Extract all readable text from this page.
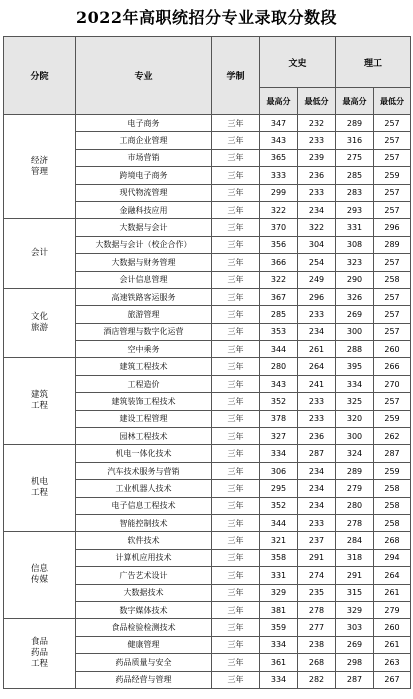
2022年高职统招分专业录取分数段
分院	专业	学制	文史		理工	
			最高分	最低分	最高分	最低分
经济
管理	电子商务	三年	347	232	289	257
	工商企业管理	三年	343	233	316	257
	市场营销	三年	365	239	275	257
	跨境电子商务	三年	333	236	285	259
	现代物流管理	三年	299	233	283	257
	金融科技应用	三年	322	234	293	257
会计	大数据与会计	三年	370	322	331	296
	大数据与会计（校企合作）	三年	356	304	308	289
	大数据与财务管理	三年	366	254	323	257
	会计信息管理	三年	322	249	290	258
文化
旅游	高速铁路客运服务	三年	367	296	326	257
	旅游管理	三年	285	233	269	257
	酒店管理与数字化运营	三年	353	234	300	257
	空中乘务	三年	344	261	288	260
建筑
工程	建筑工程技术	三年	280	264	395	266
	工程造价	三年	343	241	334	270
	建筑装饰工程技术	三年	352	233	325	257
	建设工程管理	三年	378	233	320	259
	园林工程技术	三年	327	236	300	262
机电
工程	机电一体化技术	三年	334	287	324	287
	汽车技术服务与营销	三年	306	234	289	259
	工业机器人技术	三年	295	234	279	258
	电子信息工程技术	三年	352	234	280	258
	智能控制技术	三年	344	233	278	258
信息
传媒	软件技术	三年	321	237	284	268
	计算机应用技术	三年	358	291	318	294
	广告艺术设计	三年	331	274	291	264
	大数据技术	三年	329	235	315	261
	数字媒体技术	三年	381	278	329	279
食品
药品
工程	食品检验检测技术	三年	359	277	303	260
	健康管理	三年	334	238	269	261
	药品质量与安全	三年	361	268	298	263
	药品经营与管理	三年	334	282	287	267
